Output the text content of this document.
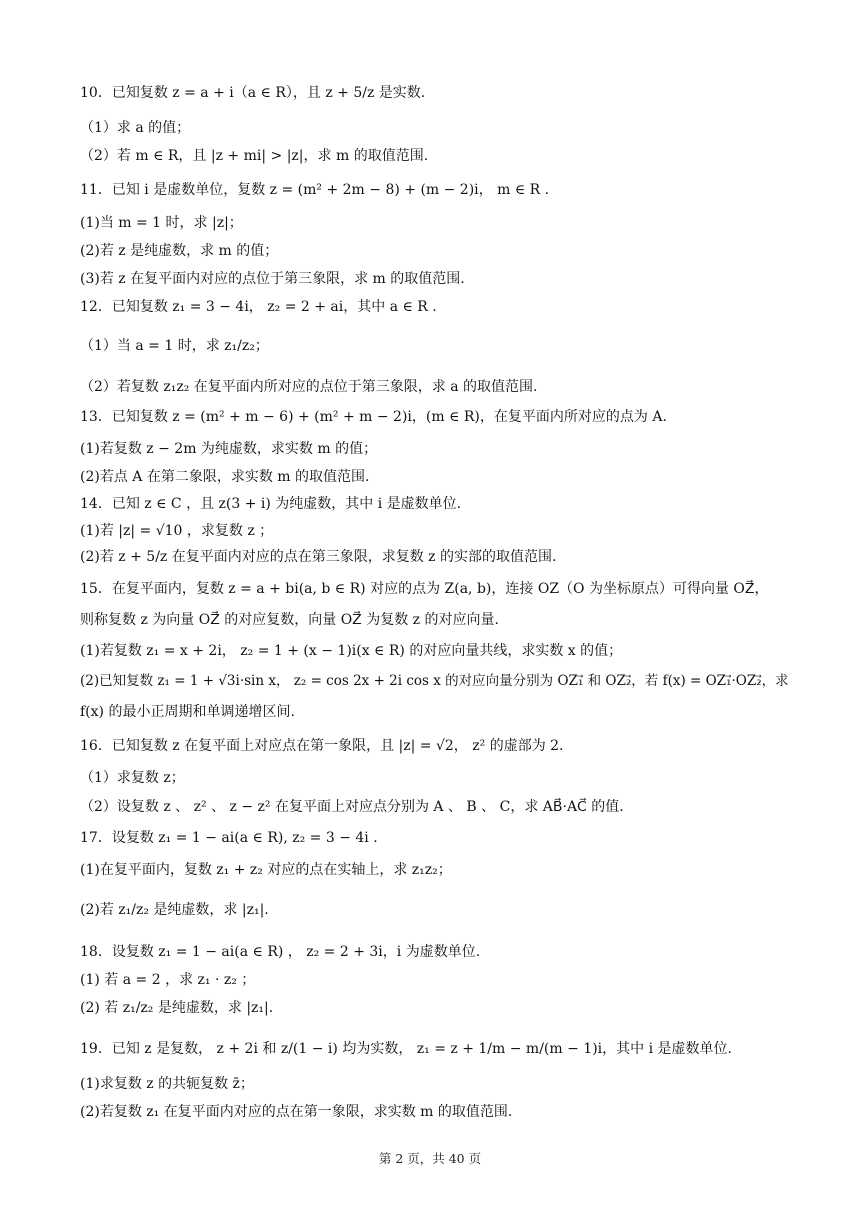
10．已知复数 z = a + i（a ∈ R），且 z + 5/z 是实数.
（1）求 a 的值；
（2）若 m ∈ R，且 |z + mi| > |z|，求 m 的取值范围.
11．已知 i 是虚数单位，复数 z = (m² + 2m − 8) + (m − 2)i， m ∈ R .
(1)当 m = 1 时，求 |z|；
(2)若 z 是纯虚数，求 m 的值；
(3)若 z 在复平面内对应的点位于第三象限，求 m 的取值范围.
12．已知复数 z₁ = 3 − 4i， z₂ = 2 + ai，其中 a ∈ R .
（1）当 a = 1 时，求 z₁/z₂；
（2）若复数 z₁z₂ 在复平面内所对应的点位于第三象限，求 a 的取值范围.
13．已知复数 z = (m² + m − 6) + (m² + m − 2)i，(m ∈ R)，在复平面内所对应的点为 A.
(1)若复数 z − 2m 为纯虚数，求实数 m 的值；
(2)若点 A 在第二象限，求实数 m 的取值范围.
14．已知 z ∈ C ，且 z(3 + i) 为纯虚数，其中 i 是虚数单位.
(1)若 |z| = √10 ，求复数 z ；
(2)若 z + 5/z 在复平面内对应的点在第三象限，求复数 z 的实部的取值范围.
15．在复平面内，复数 z = a + bi(a, b ∈ R) 对应的点为 Z(a, b)，连接 OZ（O 为坐标原点）可得向量 OZ⃗，
则称复数 z 为向量 OZ⃗ 的对应复数，向量 OZ⃗ 为复数 z 的对应向量.
(1)若复数 z₁ = x + 2i， z₂ = 1 + (x − 1)i(x ∈ R) 的对应向量共线，求实数 x 的值；
(2)已知复数 z₁ = 1 + √3i·sin x， z₂ = cos 2x + 2i cos x 的对应向量分别为 OZ₁⃗ 和 OZ₂⃗，若 f(x) = OZ₁⃗·OZ₂⃗，求
f(x) 的最小正周期和单调递增区间.
16．已知复数 z 在复平面上对应点在第一象限，且 |z| = √2， z² 的虚部为 2.
（1）求复数 z；
（2）设复数 z 、 z² 、 z − z² 在复平面上对应点分别为 A 、 B 、 C，求 AB⃗·AC⃗ 的值.
17．设复数 z₁ = 1 − ai(a ∈ R), z₂ = 3 − 4i .
(1)在复平面内，复数 z₁ + z₂ 对应的点在实轴上，求 z₁z₂；
(2)若 z₁/z₂ 是纯虚数，求 |z₁|.
18．设复数 z₁ = 1 − ai(a ∈ R) ， z₂ = 2 + 3i，i 为虚数单位.
(1) 若 a = 2 ，求 z₁ · z₂ ；
(2) 若 z₁/z₂ 是纯虚数，求 |z₁|.
19．已知 z 是复数， z + 2i 和 z/(1 − i) 均为实数， z₁ = z + 1/m − m/(m − 1)i，其中 i 是虚数单位.
(1)求复数 z 的共轭复数 z̄；
(2)若复数 z₁ 在复平面内对应的点在第一象限，求实数 m 的取值范围.
第 2 页，共 40 页
